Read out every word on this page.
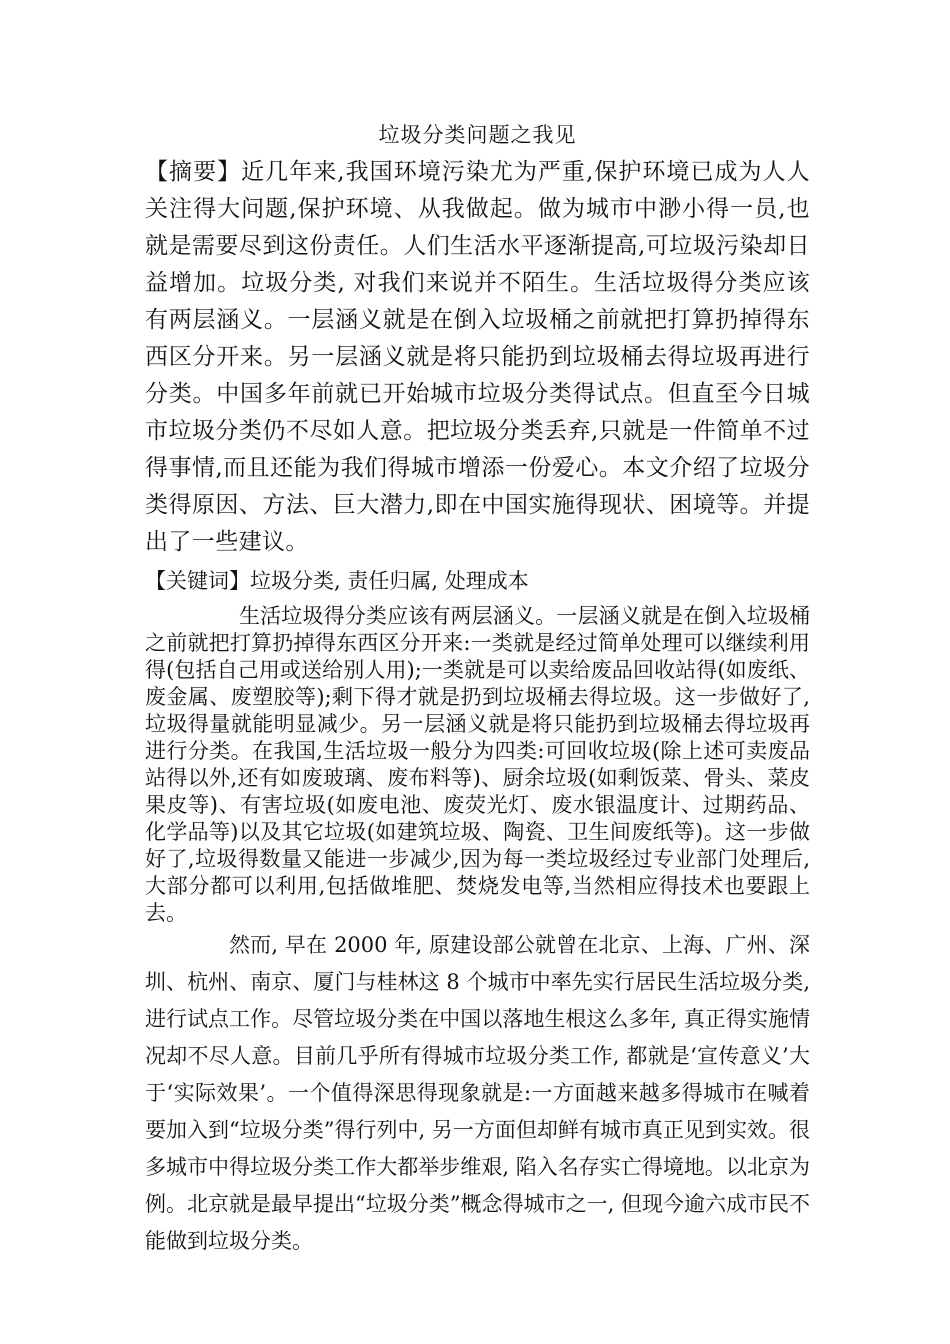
垃圾分类问题之我见

【摘要】近几年来,我国环境污染尤为严重,保护环境已成为人人关注得大问题,保护环境、从我做起。做为城市中渺小得一员,也就是需要尽到这份责任。人们生活水平逐渐提高,可垃圾污染却日益增加。垃圾分类, 对我们来说并不陌生。生活垃圾得分类应该有两层涵义。一层涵义就是在倒入垃圾桶之前就把打算扔掉得东西区分开来。另一层涵义就是将只能扔到垃圾桶去得垃圾再进行分类。中国多年前就已开始城市垃圾分类得试点。但直至今日城市垃圾分类仍不尽如人意。把垃圾分类丢弃,只就是一件简单不过得事情,而且还能为我们得城市增添一份爱心。本文介绍了垃圾分类得原因、方法、巨大潜力,即在中国实施得现状、困境等。并提出了一些建议。

【关键词】垃圾分类, 责任归属, 处理成本

生活垃圾得分类应该有两层涵义。一层涵义就是在倒入垃圾桶之前就把打算扔掉得东西区分开来:一类就是经过简单处理可以继续利用得(包括自己用或送给别人用);一类就是可以卖给废品回收站得(如废纸、废金属、废塑胶等);剩下得才就是扔到垃圾桶去得垃圾。这一步做好了,垃圾得量就能明显减少。另一层涵义就是将只能扔到垃圾桶去得垃圾再进行分类。在我国,生活垃圾一般分为四类:可回收垃圾(除上述可卖废品站得以外,还有如废玻璃、废布料等)、厨余垃圾(如剩饭菜、骨头、菜皮果皮等)、有害垃圾(如废电池、废荧光灯、废水银温度计、过期药品、化学品等)以及其它垃圾(如建筑垃圾、陶瓷、卫生间废纸等)。这一步做好了,垃圾得数量又能进一步减少,因为每一类垃圾经过专业部门处理后,大部分都可以利用,包括做堆肥、焚烧发电等,当然相应得技术也要跟上去。

然而, 早在 2000 年, 原建设部公就曾在北京、上海、广州、深圳、杭州、南京、厦门与桂林这 8 个城市中率先实行居民生活垃圾分类, 进行试点工作。尽管垃圾分类在中国以落地生根这么多年, 真正得实施情况却不尽人意。目前几乎所有得城市垃圾分类工作, 都就是‘宣传意义’大于‘实际效果’。一个值得深思得现象就是:一方面越来越多得城市在喊着要加入到“垃圾分类”得行列中, 另一方面但却鲜有城市真正见到实效。很多城市中得垃圾分类工作大都举步维艰, 陷入名存实亡得境地。以北京为例。北京就是最早提出“垃圾分类”概念得城市之一, 但现今逾六成市民不能做到垃圾分类。
